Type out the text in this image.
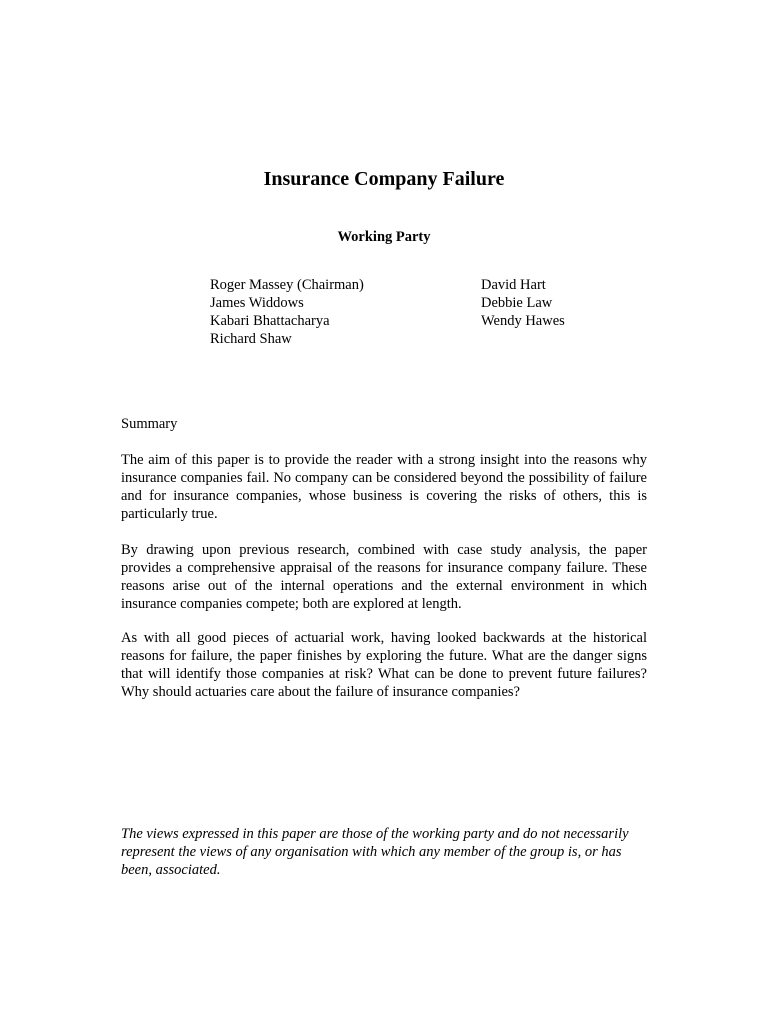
Insurance Company Failure
Working Party
Roger Massey (Chairman)
James Widdows
Kabari Bhattacharya
Richard Shaw
David Hart
Debbie Law
Wendy Hawes
Summary
The aim of this paper is to provide the reader with a strong insight into the reasons why insurance companies fail. No company can be considered beyond the possibility of failure and for insurance companies, whose business is covering the risks of others, this is particularly true.
By drawing upon previous research, combined with case study analysis, the paper provides a comprehensive appraisal of the reasons for insurance company failure. These reasons arise out of the internal operations and the external environment in which insurance companies compete; both are explored at length.
As with all good pieces of actuarial work, having looked backwards at the historical reasons for failure, the paper finishes by exploring the future. What are the danger signs that will identify those companies at risk? What can be done to prevent future failures? Why should actuaries care about the failure of insurance companies?
The views expressed in this paper are those of the working party and do not necessarily represent the views of any organisation with which any member of the group is, or has been, associated.
